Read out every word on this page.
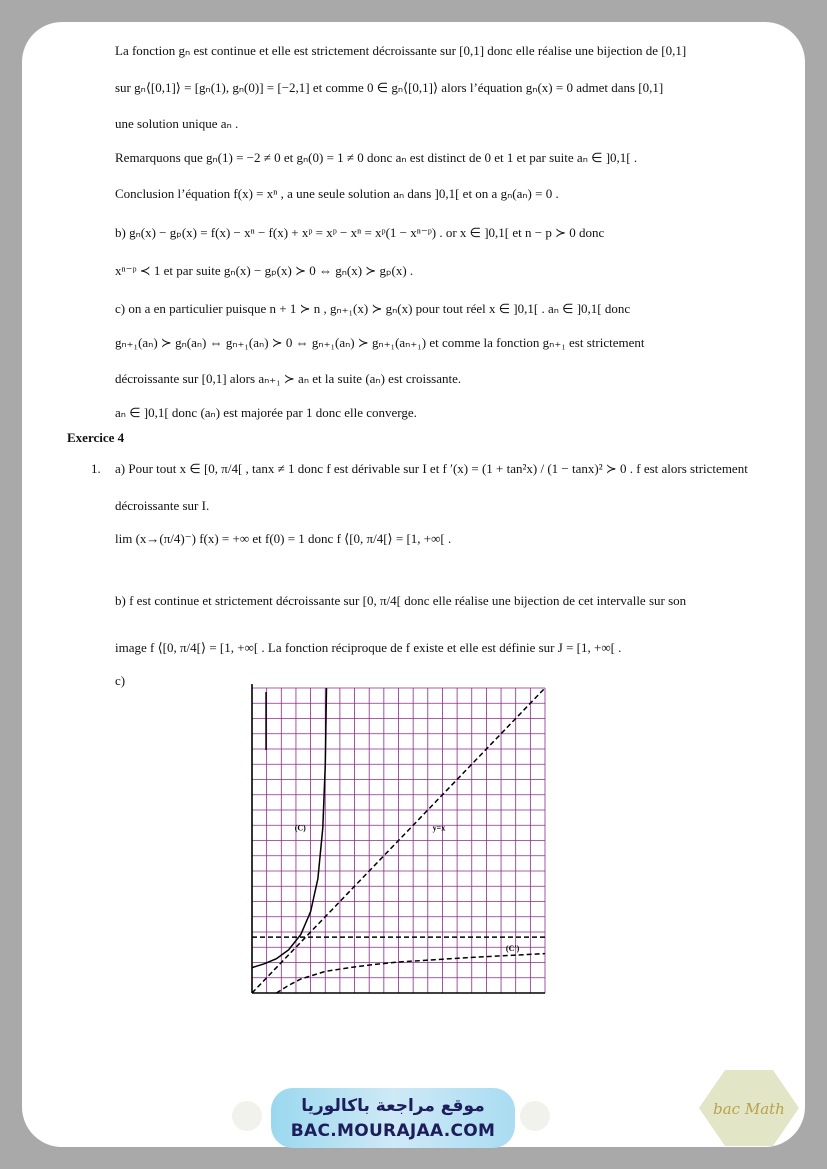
La fonction gₙ est continue et elle est strictement décroissante sur [0,1] donc elle réalise une bijection de [0,1]
sur gₙ⟨[0,1]⟩ = [gₙ(1), gₙ(0)] = [−2,1] et comme 0 ∈ gₙ⟨[0,1]⟩ alors l’équation gₙ(x) = 0 admet dans [0,1]
une solution unique aₙ .
Remarquons que gₙ(1) = −2 ≠ 0 et gₙ(0) = 1 ≠ 0 donc aₙ est distinct de 0 et 1 et par suite aₙ ∈ ]0,1[ .
Conclusion l’équation f(x) = xⁿ , a une seule solution aₙ dans ]0,1[ et on a gₙ(aₙ) = 0 .
b) gₙ(x) − gₚ(x) = f(x) − xⁿ − f(x) + xᵖ = xᵖ − xⁿ = xᵖ(1 − xⁿ⁻ᵖ) . or x ∈ ]0,1[ et n − p ≻ 0 donc
xⁿ⁻ᵖ ≺ 1 et par suite gₙ(x) − gₚ(x) ≻ 0 ⇔ gₙ(x) ≻ gₚ(x) .
c) on a en particulier puisque n + 1 ≻ n , gₙ₊₁(x) ≻ gₙ(x) pour tout réel x ∈ ]0,1[ . aₙ ∈ ]0,1[ donc
gₙ₊₁(aₙ) ≻ gₙ(aₙ) ⇔ gₙ₊₁(aₙ) ≻ 0 ⇔ gₙ₊₁(aₙ) ≻ gₙ₊₁(aₙ₊₁) et comme la fonction gₙ₊₁ est strictement
décroissante sur [0,1] alors aₙ₊₁ ≻ aₙ et la suite (aₙ) est croissante.
aₙ ∈ ]0,1[ donc (aₙ) est majorée par 1 donc elle converge.
Exercice 4
1. a) Pour tout x ∈ [0, π/4[ , tanx ≠ 1 donc f est dérivable sur I et f ′(x) = (1 + tan²x) / (1 − tanx)² ≻ 0 . f est alors strictement
décroissante sur I.
lim (x→(π/4)⁻) f(x) = +∞ et f(0) = 1 donc f ⟨[0, π/4[⟩ = [1, +∞[ .
b) f est continue et strictement décroissante sur [0, π/4[ donc elle réalise une bijection de cet intervalle sur son
image f ⟨[0, π/4[⟩ = [1, +∞[ . La fonction réciproque de f existe et elle est définie sur J = [1, +∞[ .
c)
(C)	y=x
(C')
موقع مراجعة باكالوريا
BAC.MOURAJAA.COM
bac Math
